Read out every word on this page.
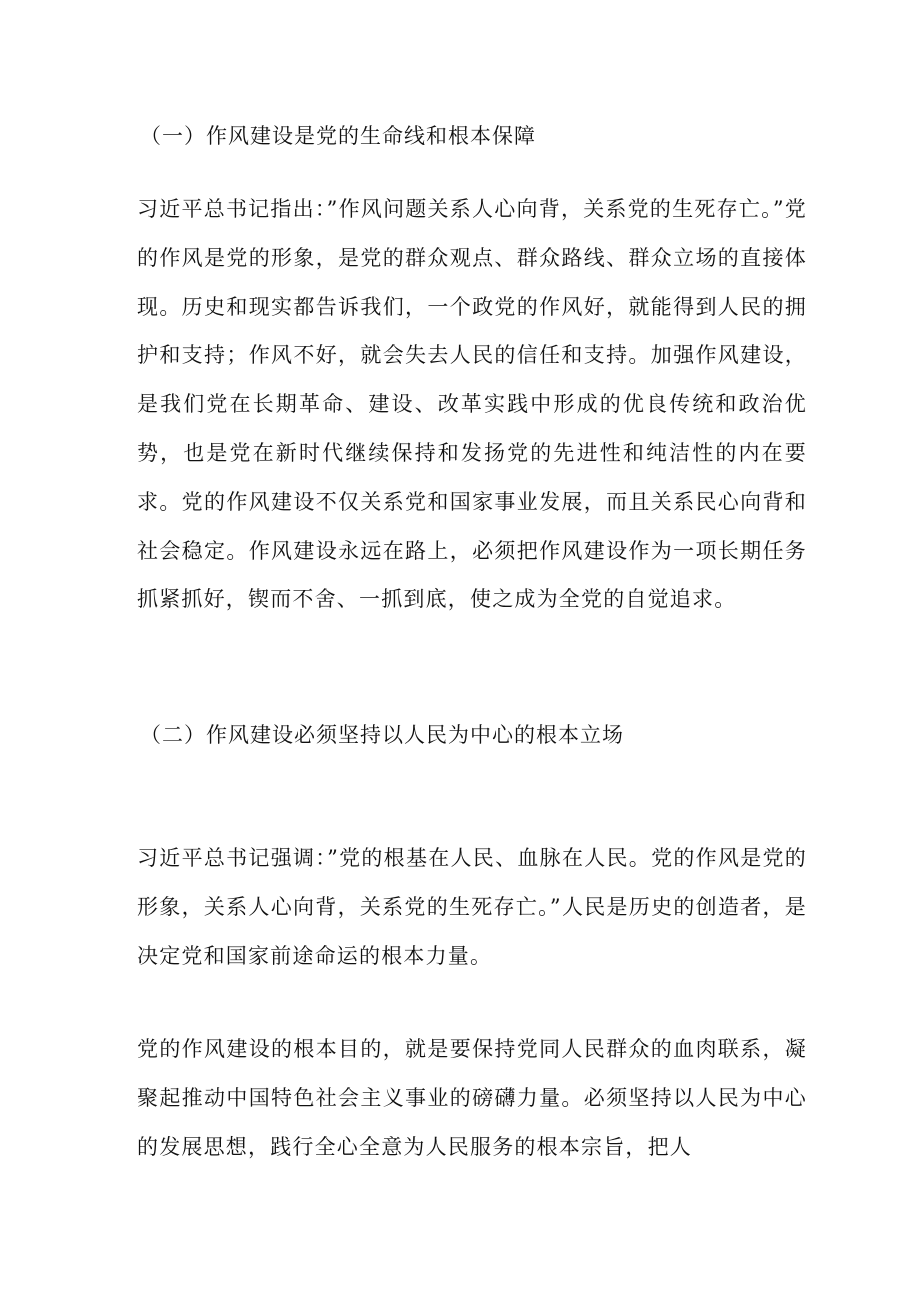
（一）作风建设是党的生命线和根本保障

习近平总书记指出：”作风问题关系人心向背，关系党的生死存亡。”党的作风是党的形象，是党的群众观点、群众路线、群众立场的直接体现。历史和现实都告诉我们，一个政党的作风好，就能得到人民的拥护和支持；作风不好，就会失去人民的信任和支持。加强作风建设，是我们党在长期革命、建设、改革实践中形成的优良传统和政治优势，也是党在新时代继续保持和发扬党的先进性和纯洁性的内在要求。党的作风建设不仅关系党和国家事业发展，而且关系民心向背和社会稳定。作风建设永远在路上，必须把作风建设作为一项长期任务抓紧抓好，锲而不舍、一抓到底，使之成为全党的自觉追求。

（二）作风建设必须坚持以人民为中心的根本立场

习近平总书记强调：”党的根基在人民、血脉在人民。党的作风是党的形象，关系人心向背，关系党的生死存亡。”人民是历史的创造者，是决定党和国家前途命运的根本力量。

党的作风建设的根本目的，就是要保持党同人民群众的血肉联系，凝聚起推动中国特色社会主义事业的磅礴力量。必须坚持以人民为中心的发展思想，践行全心全意为人民服务的根本宗旨，把人
